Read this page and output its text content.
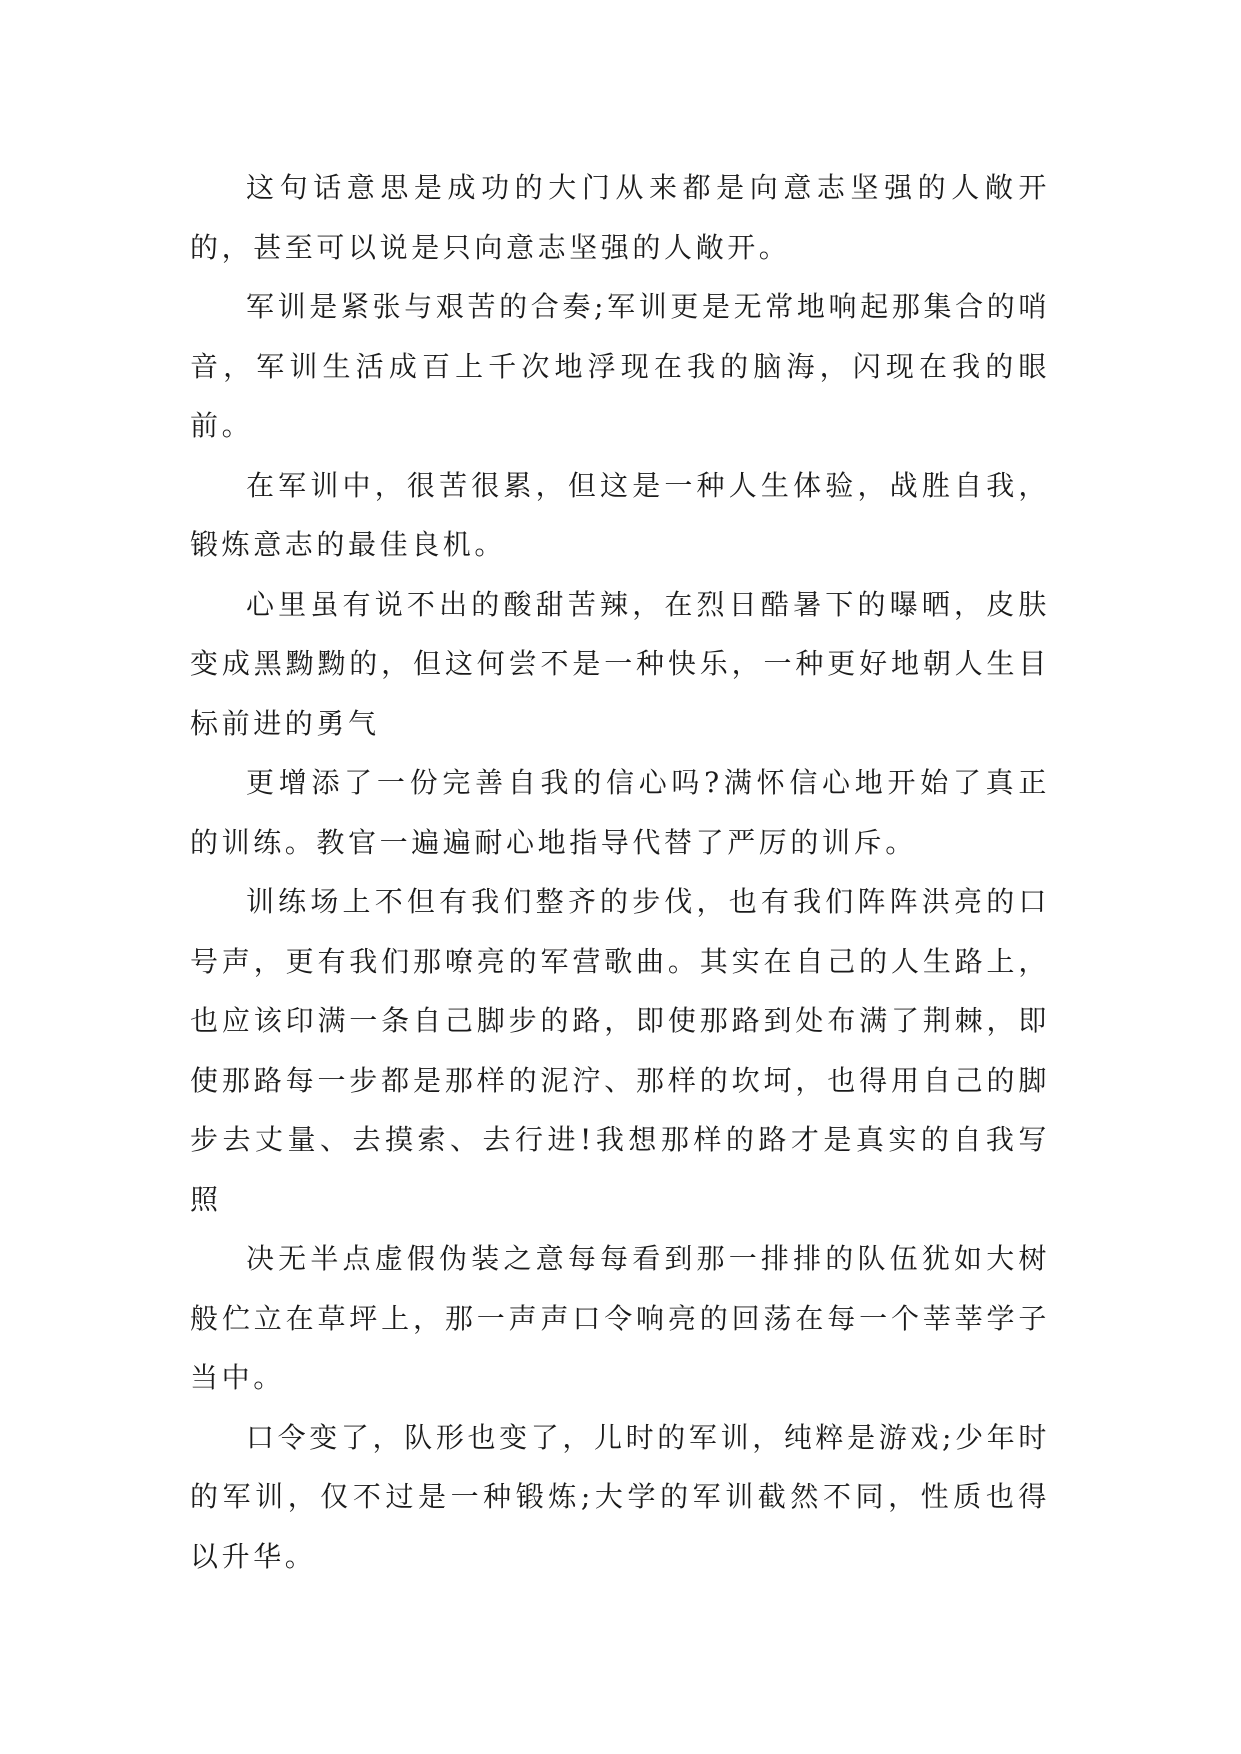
这句话意思是成功的大门从来都是向意志坚强的人敞开的，甚至可以说是只向意志坚强的人敞开。

军训是紧张与艰苦的合奏;军训更是无常地响起那集合的哨音，军训生活成百上千次地浮现在我的脑海，闪现在我的眼前。

在军训中，很苦很累，但这是一种人生体验，战胜自我，锻炼意志的最佳良机。

心里虽有说不出的酸甜苦辣，在烈日酷暑下的曝晒，皮肤变成黑黝黝的，但这何尝不是一种快乐，一种更好地朝人生目标前进的勇气

更增添了一份完善自我的信心吗?满怀信心地开始了真正的训练。教官一遍遍耐心地指导代替了严厉的训斥。

训练场上不但有我们整齐的步伐，也有我们阵阵洪亮的口号声，更有我们那嘹亮的军营歌曲。其实在自己的人生路上，也应该印满一条自己脚步的路，即使那路到处布满了荆棘，即使那路每一步都是那样的泥泞、那样的坎坷，也得用自己的脚步去丈量、去摸索、去行进!我想那样的路才是真实的自我写照

决无半点虚假伪装之意每每看到那一排排的队伍犹如大树般伫立在草坪上，那一声声口令响亮的回荡在每一个莘莘学子当中。

口令变了，队形也变了，儿时的军训，纯粹是游戏;少年时的军训，仅不过是一种锻炼;大学的军训截然不同，性质也得以升华。
